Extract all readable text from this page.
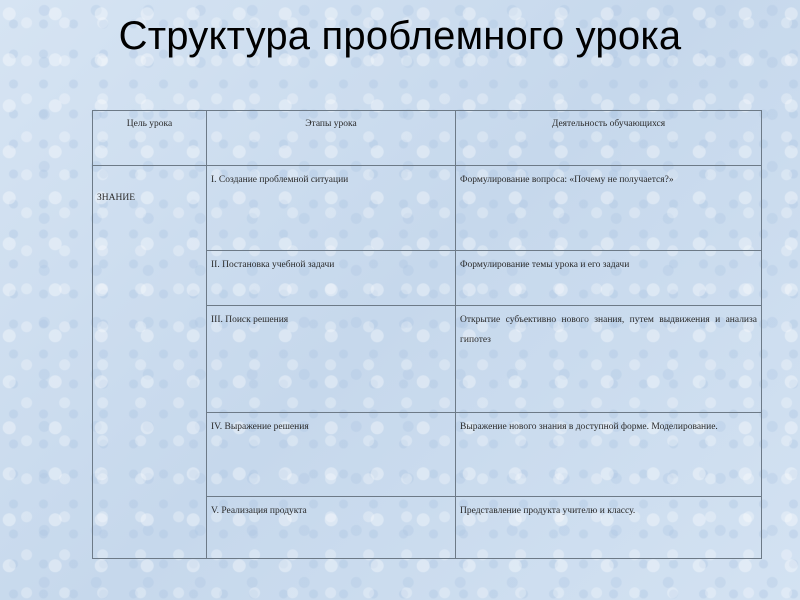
Структура проблемного урока
Цель урока	Этапы урока	Деятельность обучающихся
ЗНАНИЕ	I. Создание проблемной ситуации	Формулирование вопроса: «Почему не получается?»
	II. Постановка учебной задачи	Формулирование темы урока и его задачи
	III. Поиск решения	Открытие субъективно нового знания, путем выдвижения и анализа гипотез
	IV. Выражение решения	Выражение нового знания в доступной форме. Моделирование.
	V. Реализация продукта	Представление продукта учителю и классу.
